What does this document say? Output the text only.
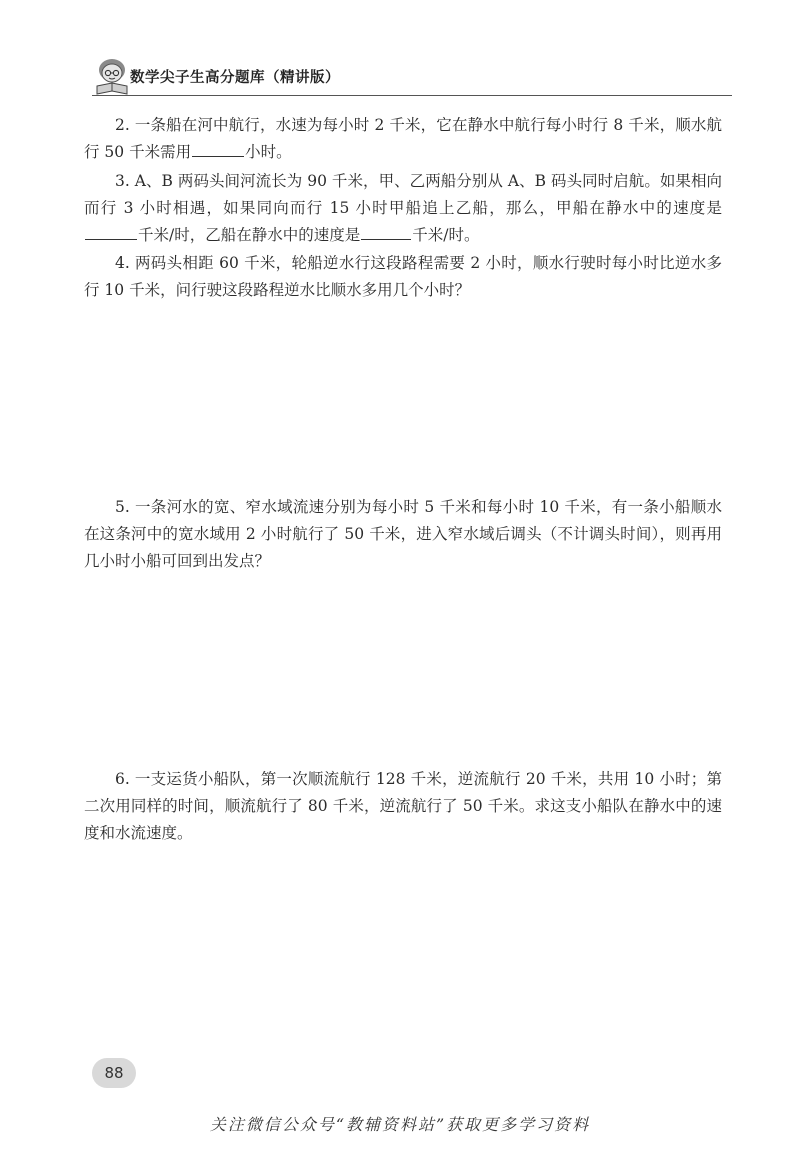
数学尖子生高分题库（精讲版）

2. 一条船在河中航行，水速为每小时 2 千米，它在静水中航行每小时行 8 千米，顺水航行 50 千米需用	小时。

3. A、B 两码头间河流长为 90 千米，甲、乙两船分别从 A、B 码头同时启航。如果相向而行 3 小时相遇，如果同向而行 15 小时甲船追上乙船，那么，甲船在静水中的速度是千米/时，乙船在静水中的速度是	千米/时。

4. 两码头相距 60 千米，轮船逆水行这段路程需要 2 小时，顺水行驶时每小时比逆水多行 10 千米，问行驶这段路程逆水比顺水多用几个小时？

5. 一条河水的宽、窄水域流速分别为每小时 5 千米和每小时 10 千米，有一条小船顺水在这条河中的宽水域用 2 小时航行了 50 千米，进入窄水域后调头（不计调头时间），则再用几小时小船可回到出发点？

6. 一支运货小船队，第一次顺流航行 128 千米，逆流航行 20 千米，共用 10 小时；第二次用同样的时间，顺流航行了 80 千米，逆流航行了 50 千米。求这支小船队在静水中的速度和水流速度。

88
关注微信公众号“教辅资料站”获取更多学习资料
